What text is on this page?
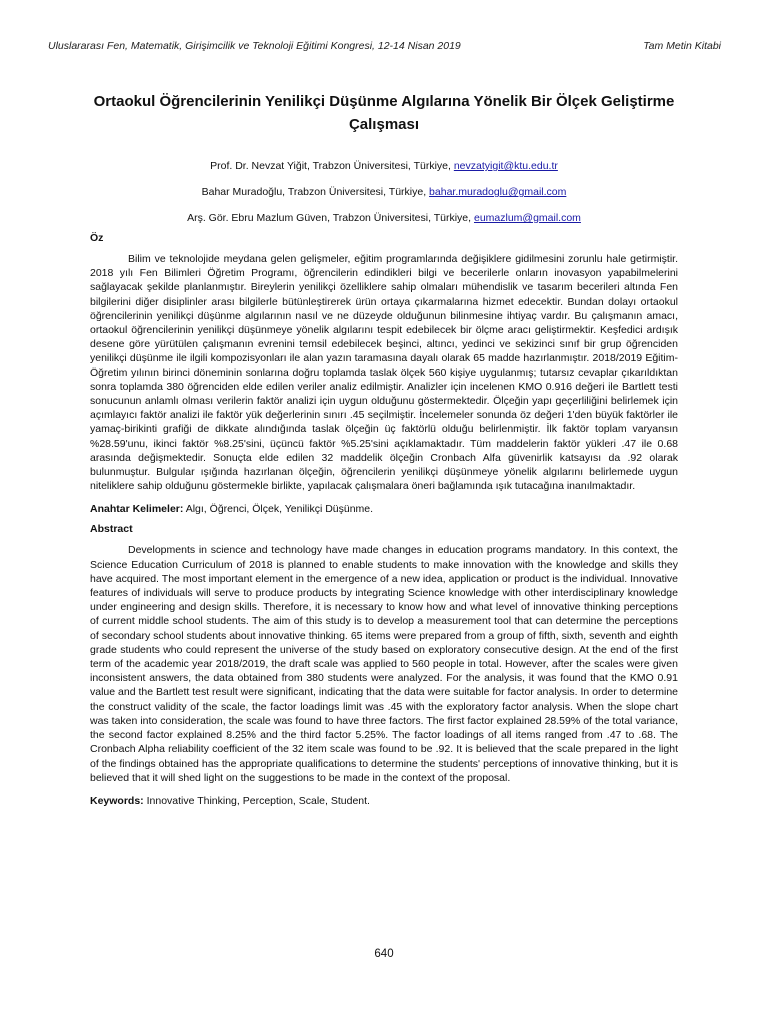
Uluslararası Fen, Matematik, Girişimcilik ve Teknoloji Eğitimi Kongresi, 12-14 Nisan 2019	Tam Metin Kitabi
Ortaokul Öğrencilerinin Yenilikçi Düşünme Algılarına Yönelik Bir Ölçek Geliştirme Çalışması
Prof. Dr. Nevzat Yiğit, Trabzon Üniversitesi, Türkiye, nevzatyigit@ktu.edu.tr
Bahar Muradoğlu, Trabzon Üniversitesi, Türkiye, bahar.muradoglu@gmail.com
Arş. Gör. Ebru Mazlum Güven, Trabzon Üniversitesi, Türkiye, eumazlum@gmail.com
Öz

Bilim ve teknolojide meydana gelen gelişmeler, eğitim programlarında değişiklere gidilmesini zorunlu hale getirmiştir. 2018 yılı Fen Bilimleri Öğretim Programı, öğrencilerin edindikleri bilgi ve becerilerle onların inovasyon yapabilmelerini sağlayacak şekilde planlanmıştır. Bireylerin yenilikçi özelliklere sahip olmaları mühendislik ve tasarım becerileri altında Fen bilgilerini diğer disiplinler arası bilgilerle bütünleştirerek ürün ortaya çıkarmalarına hizmet edecektir. Bundan dolayı ortaokul öğrencilerinin yenilikçi düşünme algılarının nasıl ve ne düzeyde olduğunun bilinmesine ihtiyaç vardır. Bu çalışmanın amacı, ortaokul öğrencilerinin yenilikçi düşünmeye yönelik algılarını tespit edebilecek bir ölçme aracı geliştirmektir. Keşfedici ardışık desene göre yürütülen çalışmanın evrenini temsil edebilecek beşinci, altıncı, yedinci ve sekizinci sınıf bir grup öğrenciden yenilikçi düşünme ile ilgili kompozisyonları ile alan yazın taramasına dayalı olarak 65 madde hazırlanmıştır. 2018/2019 Eğitim-Öğretim yılının birinci döneminin sonlarına doğru toplamda taslak ölçek 560 kişiye uygulanmış; tutarsız cevaplar çıkarıldıktan sonra toplamda 380 öğrenciden elde edilen veriler analiz edilmiştir. Analizler için incelenen KMO 0.916 değeri ile Bartlett testi sonucunun anlamlı olması verilerin faktör analizi için uygun olduğunu göstermektedir. Ölçeğin yapı geçerliliğini belirlemek için açımlayıcı faktör analizi ile faktör yük değerlerinin sınırı .45 seçilmiştir. İncelemeler sonunda öz değeri 1'den büyük faktörler ile yamaç-birikinti grafiği de dikkate alındığında taslak ölçeğin üç faktörlü olduğu belirlenmiştir. İlk faktör toplam varyansın %28.59'unu, ikinci faktör %8.25'sini, üçüncü faktör %5.25'sini açıklamaktadır. Tüm maddelerin faktör yükleri .47 ile 0.68 arasında değişmektedir. Sonuçta elde edilen 32 maddelik ölçeğin Cronbach Alfa güvenirlik katsayısı da .92 olarak bulunmuştur. Bulgular ışığında hazırlanan ölçeğin, öğrencilerin yenilikçi düşünmeye yönelik algılarını belirlemede uygun niteliklere sahip olduğunu göstermekle birlikte, yapılacak çalışmalara öneri bağlamında ışık tutacağına inanılmaktadır.

Anahtar Kelimeler: Algı, Öğrenci, Ölçek, Yenilikçi Düşünme.
Abstract

Developments in science and technology have made changes in education programs mandatory. In this context, the Science Education Curriculum of 2018 is planned to enable students to make innovation with the knowledge and skills they have acquired. The most important element in the emergence of a new idea, application or product is the individual. Innovative features of individuals will serve to produce products by integrating Science knowledge with other interdisciplinary knowledge under engineering and design skills. Therefore, it is necessary to know how and what level of innovative thinking perceptions of current middle school students. The aim of this study is to develop a measurement tool that can determine the perceptions of secondary school students about innovative thinking. 65 items were prepared from a group of fifth, sixth, seventh and eighth grade students who could represent the universe of the study based on exploratory consecutive design. At the end of the first term of the academic year 2018/2019, the draft scale was applied to 560 people in total. However, after the scales were given inconsistent answers, the data obtained from 380 students were analyzed. For the analysis, it was found that the KMO 0.91 value and the Bartlett test result were significant, indicating that the data were suitable for factor analysis. In order to determine the construct validity of the scale, the factor loadings limit was .45 with the exploratory factor analysis. When the slope chart was taken into consideration, the scale was found to have three factors. The first factor explained 28.59% of the total variance, the second factor explained 8.25% and the third factor 5.25%. The factor loadings of all items ranged from .47 to .68. The Cronbach Alpha reliability coefficient of the 32 item scale was found to be .92. It is believed that the scale prepared in the light of the findings obtained has the appropriate qualifications to determine the students' perceptions of innovative thinking, but it is believed that it will shed light on the suggestions to be made in the context of the proposal.

Keywords: Innovative Thinking, Perception, Scale, Student.
640
